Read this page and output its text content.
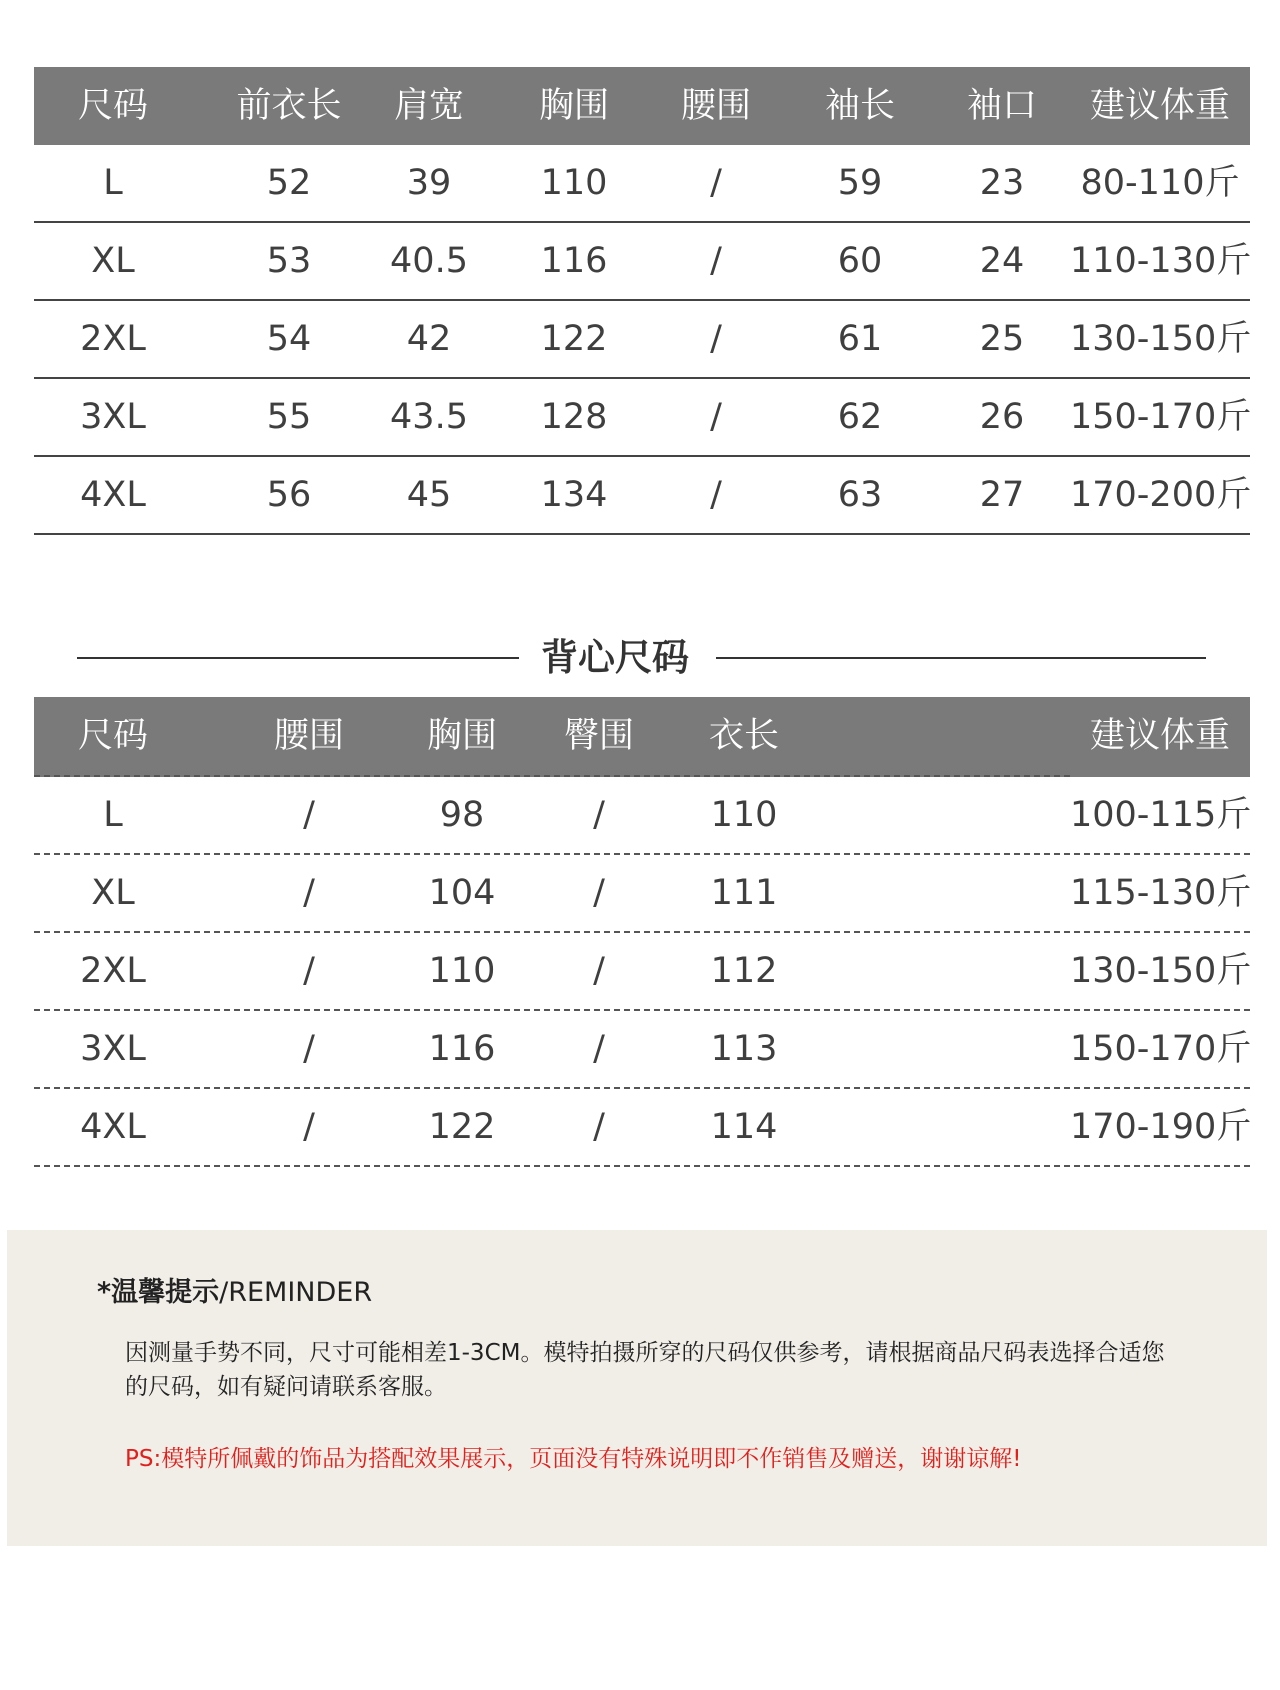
尺码	前衣长	肩宽	胸围	腰围	袖长	袖口	建议体重
L	52	39	110	/	59	23	80-110斤
XL	53	40.5	116	/	60	24	110-130斤
2XL	54	42	122	/	61	25	130-150斤
3XL	55	43.5	128	/	62	26	150-170斤
4XL	56	45	134	/	63	27	170-200斤
背心尺码
尺码	腰围	胸围	臀围	衣长	建议体重
L	/	98	/	110	100-115斤
XL	/	104	/	111	115-130斤
2XL	/	110	/	112	130-150斤
3XL	/	116	/	113	150-170斤
4XL	/	122	/	114	170-190斤
*温馨提示/REMINDER
因测量手势不同，尺寸可能相差1-3CM。模特拍摄所穿的尺码仅供参考，请根据商品尺码表选择合适您的尺码，如有疑问请联系客服。
PS:模特所佩戴的饰品为搭配效果展示，页面没有特殊说明即不作销售及赠送，谢谢谅解!
